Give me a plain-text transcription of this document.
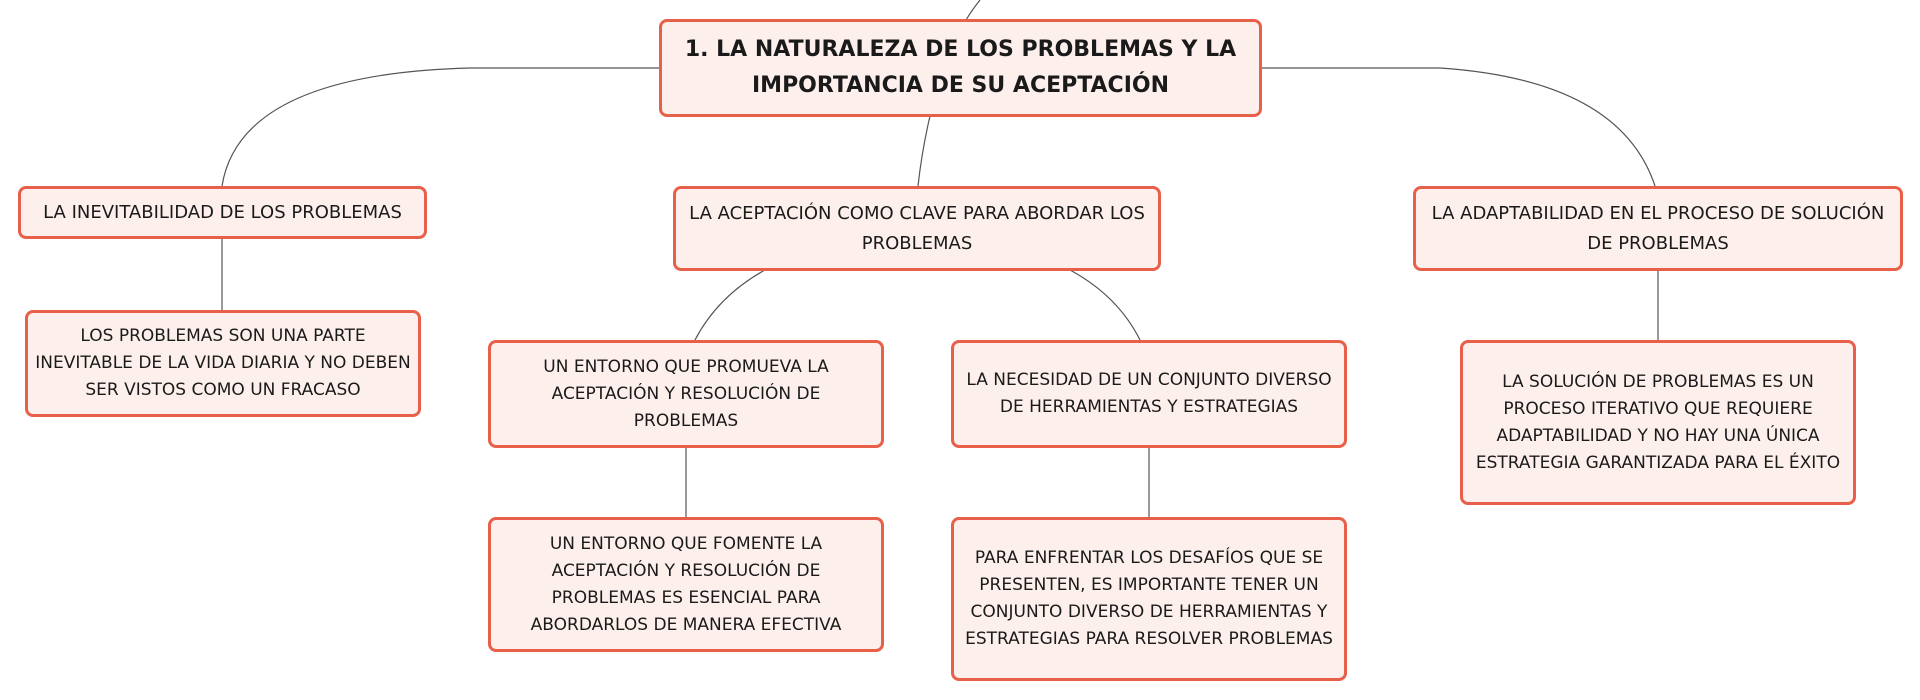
1. LA NATURALEZA DE LOS PROBLEMAS Y LA IMPORTANCIA DE SU ACEPTACIÓN
LA INEVITABILIDAD DE LOS PROBLEMAS	LA ACEPTACIÓN COMO CLAVE PARA ABORDAR LOS PROBLEMAS
LA ADAPTABILIDAD EN EL PROCESO DE SOLUCIÓN DE PROBLEMAS
LOS PROBLEMAS SON UNA PARTE INEVITABLE DE LA VIDA DIARIA Y NO DEBEN SER VISTOS COMO UN FRACASO
UN ENTORNO QUE PROMUEVA LA ACEPTACIÓN Y RESOLUCIÓN DE PROBLEMAS
LA NECESIDAD DE UN CONJUNTO DIVERSO DE HERRAMIENTAS Y ESTRATEGIAS
UN ENTORNO QUE FOMENTE LA ACEPTACIÓN Y RESOLUCIÓN DE PROBLEMAS ES ESENCIAL PARA ABORDARLOS DE MANERA EFECTIVA
PARA ENFRENTAR LOS DESAFÍOS QUE SE PRESENTEN, ES IMPORTANTE TENER UN CONJUNTO DIVERSO DE HERRAMIENTAS Y ESTRATEGIAS PARA RESOLVER PROBLEMAS
LA SOLUCIÓN DE PROBLEMAS ES UN PROCESO ITERATIVO QUE REQUIERE ADAPTABILIDAD Y NO HAY UNA ÚNICA ESTRATEGIA GARANTIZADA PARA EL ÉXITO
